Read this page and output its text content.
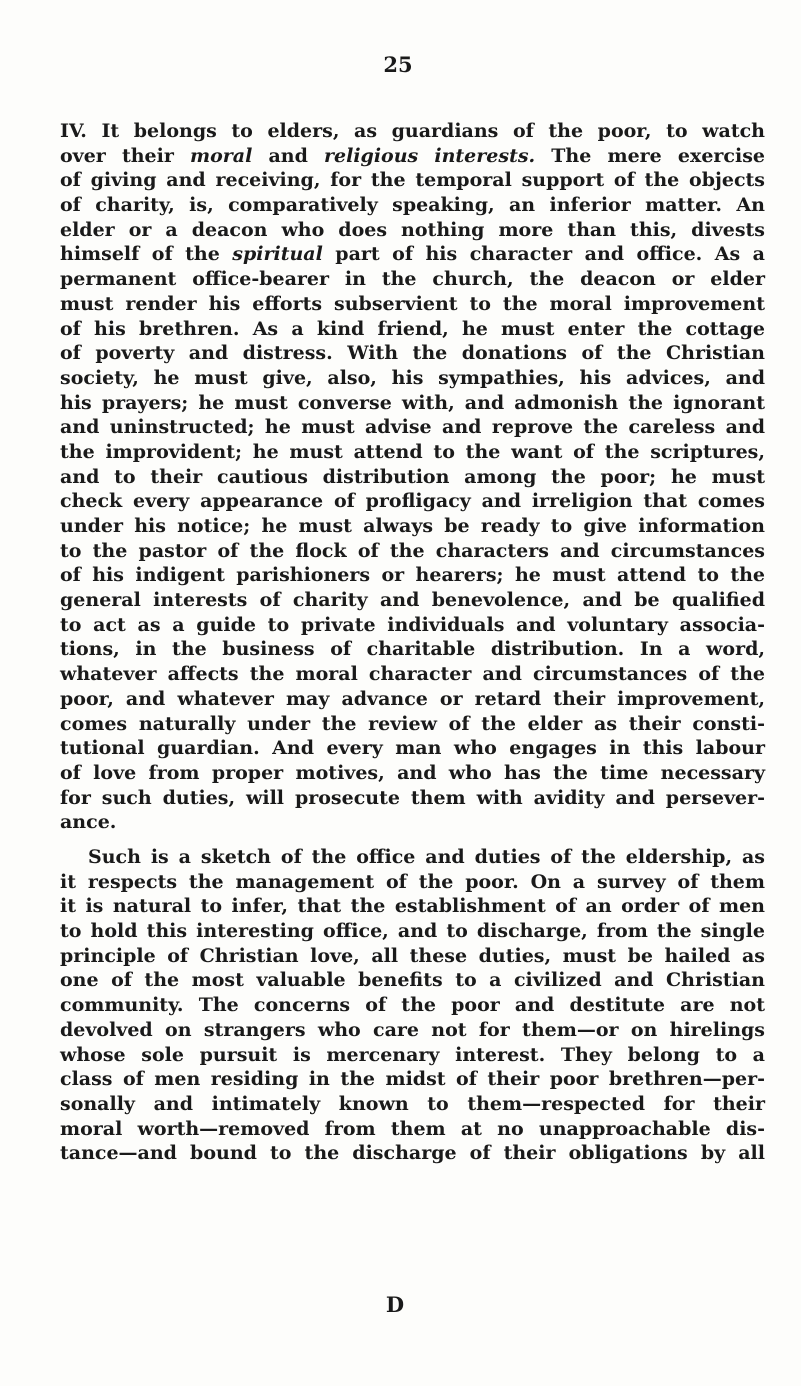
25
IV. It belongs to elders, as guardians of the poor, to watch
over their moral and religious interests. The mere exercise
of giving and receiving, for the temporal support of the objects
of charity, is, comparatively speaking, an inferior matter. An
elder or a deacon who does nothing more than this, divests
himself of the spiritual part of his character and office. As a
permanent office-bearer in the church, the deacon or elder
must render his efforts subservient to the moral improvement
of his brethren. As a kind friend, he must enter the cottage
of poverty and distress. With the donations of the Christian
society, he must give, also, his sympathies, his advices, and
his prayers; he must converse with, and admonish the ignorant
and uninstructed; he must advise and reprove the careless and
the improvident; he must attend to the want of the scriptures,
and to their cautious distribution among the poor; he must
check every appearance of profligacy and irreligion that comes
under his notice; he must always be ready to give information
to the pastor of the flock of the characters and circumstances
of his indigent parishioners or hearers; he must attend to the
general interests of charity and benevolence, and be qualified
to act as a guide to private individuals and voluntary associa-
tions, in the business of charitable distribution. In a word,
whatever affects the moral character and circumstances of the
poor, and whatever may advance or retard their improvement,
comes naturally under the review of the elder as their consti-
tutional guardian. And every man who engages in this labour
of love from proper motives, and who has the time necessary
for such duties, will prosecute them with avidity and persever-
ance.
Such is a sketch of the office and duties of the eldership, as
it respects the management of the poor. On a survey of them
it is natural to infer, that the establishment of an order of men
to hold this interesting office, and to discharge, from the single
principle of Christian love, all these duties, must be hailed as
one of the most valuable benefits to a civilized and Christian
community. The concerns of the poor and destitute are not
devolved on strangers who care not for them—or on hirelings
whose sole pursuit is mercenary interest. They belong to a
class of men residing in the midst of their poor brethren—per-
sonally and intimately known to them—respected for their
moral worth—removed from them at no unapproachable dis-
tance—and bound to the discharge of their obligations by all
D
